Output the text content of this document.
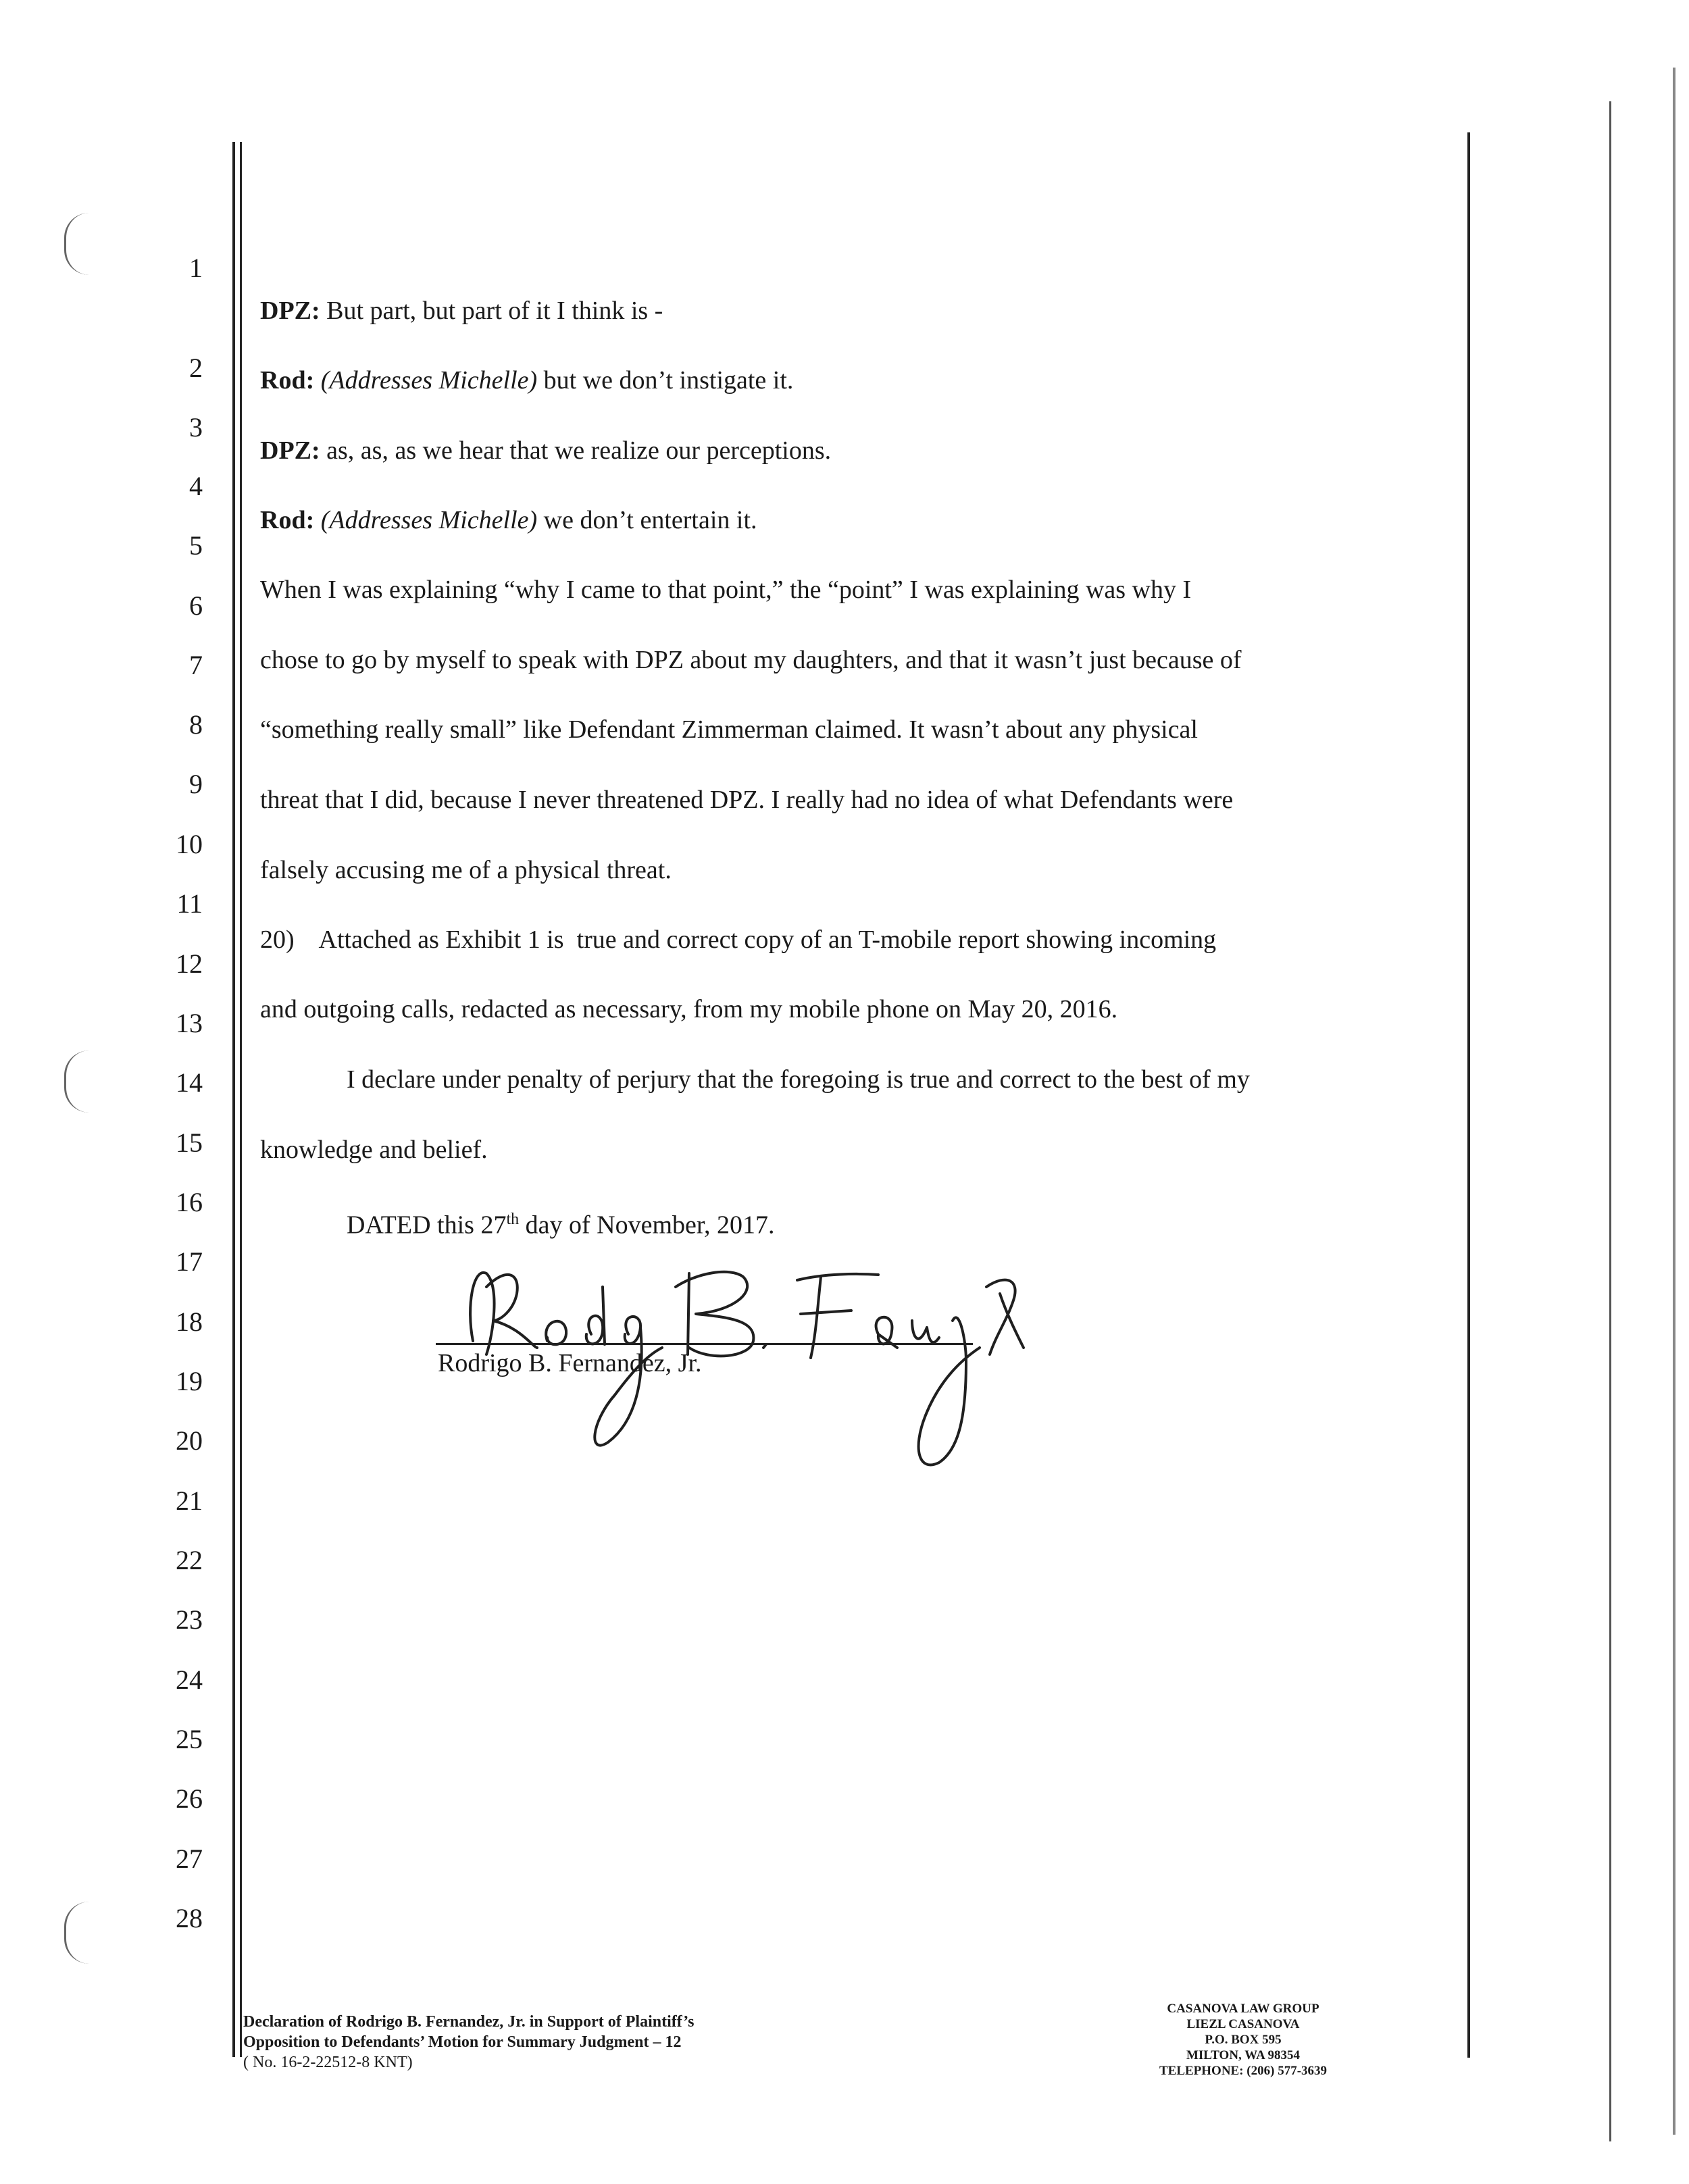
1
2
3
4
5
6
7
8
9
10
11
12
13
14
15
16
17
18
19
20
21
22
23
24
25
26
27
28
DPZ: But part, but part of it I think is -
Rod: (Addresses Michelle) but we don’t instigate it.
DPZ: as, as, as we hear that we realize our perceptions.
Rod: (Addresses Michelle) we don’t entertain it.
When I was explaining “why I came to that point,” the “point” I was explaining was why I
chose to go by myself to speak with DPZ about my daughters, and that it wasn’t just because of
“something really small” like Defendant Zimmerman claimed. It wasn’t about any physical
threat that I did, because I never threatened DPZ. I really had no idea of what Defendants were
falsely accusing me of a physical threat.
20)    Attached as Exhibit 1 is  true and correct copy of an T-mobile report showing incoming
and outgoing calls, redacted as necessary, from my mobile phone on May 20, 2016.
I declare under penalty of perjury that the foregoing is true and correct to the best of my
knowledge and belief.
DATED this 27th day of November, 2017.
Rodrigo B. Fernandez, Jr.
Declaration of Rodrigo B. Fernandez, Jr. in Support of Plaintiff’s
Opposition to Defendants’ Motion for Summary Judgment – 12
( No. 16-2-22512-8 KNT)
CASANOVA LAW GROUP
LIEZL CASANOVA
P.O. BOX 595
MILTON, WA 98354
TELEPHONE: (206) 577-3639
